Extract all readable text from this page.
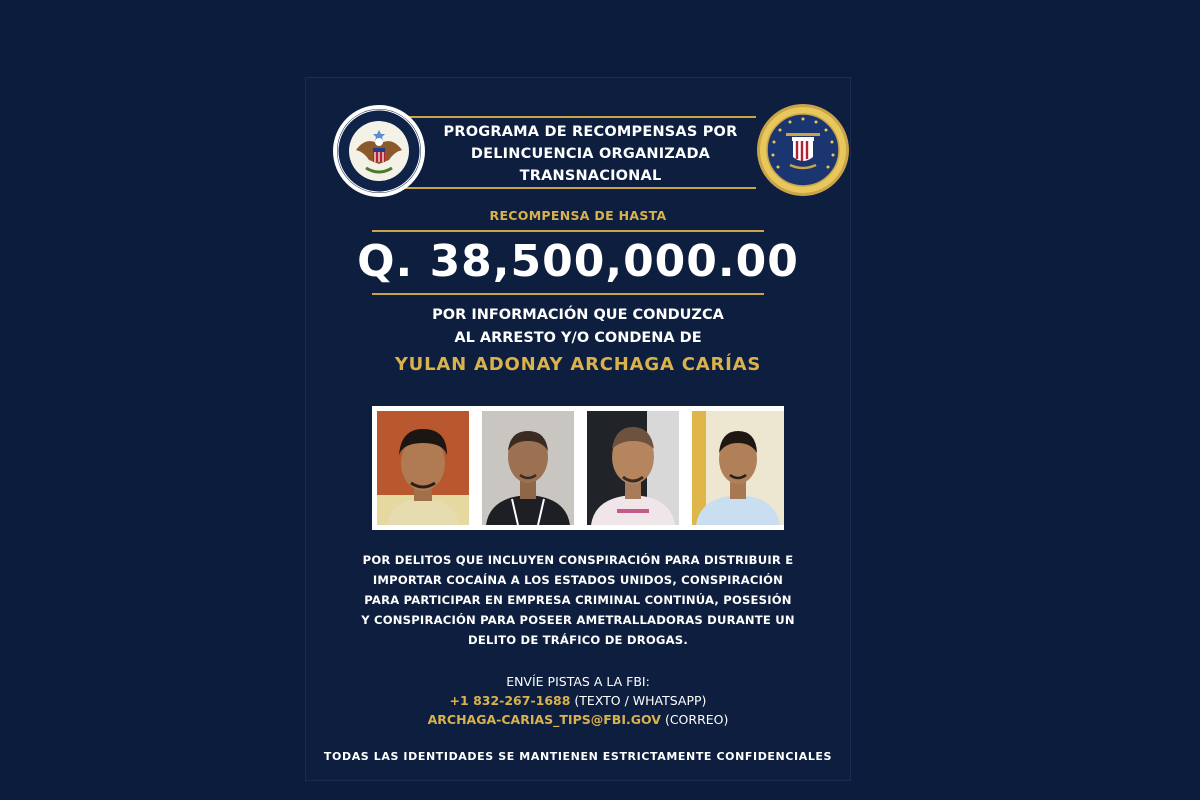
PROGRAMA DE RECOMPENSAS POR
DELINCUENCIA ORGANIZADA
TRANSNACIONAL
RECOMPENSA DE HASTA
Q. 38,500,000.00
POR INFORMACIÓN QUE CONDUZCA
AL ARRESTO Y/O CONDENA DE
YULAN ADONAY ARCHAGA CARÍAS
POR DELITOS QUE INCLUYEN CONSPIRACIÓN PARA DISTRIBUIR E
IMPORTAR COCAÍNA A LOS ESTADOS UNIDOS, CONSPIRACIÓN
PARA PARTICIPAR EN EMPRESA CRIMINAL CONTINÚA, POSESIÓN
Y CONSPIRACIÓN PARA POSEER AMETRALLADORAS DURANTE UN
DELITO DE TRÁFICO DE DROGAS.
ENVÍE PISTAS A LA FBI:
+1 832-267-1688 (TEXTO / WHATSAPP)
ARCHAGA-CARIAS_TIPS@FBI.GOV (CORREO)
TODAS LAS IDENTIDADES SE MANTIENEN ESTRICTAMENTE CONFIDENCIALES
